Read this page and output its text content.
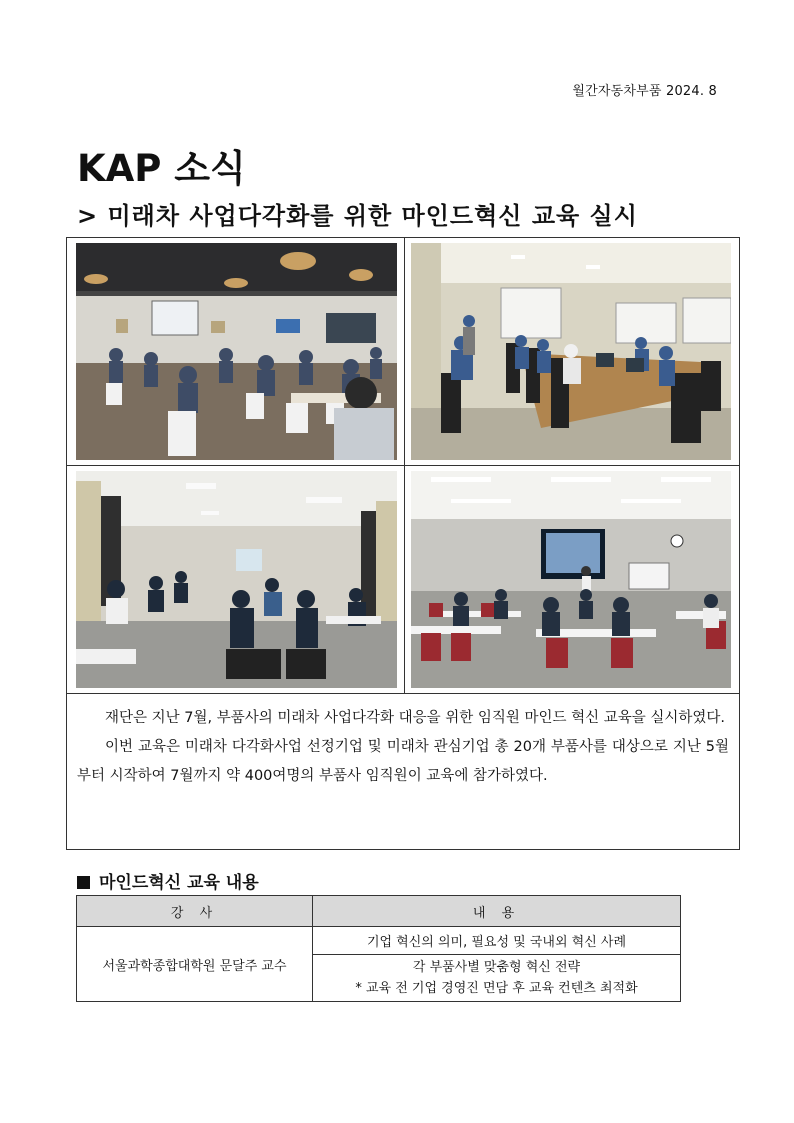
월간자동차부품 2024. 8
KAP 소식
> 미래차 사업다각화를 위한 마인드혁신 교육 실시

재단은 지난 7월, 부품사의 미래차 사업다각화 대응을 위한 임직원 마인드 혁신 교육을 실시하였다.

이번 교육은 미래차 다각화사업 선정기업 및 미래차 관심기업 총 20개 부품사를 대상으로 지난 5월부터 시작하여 7월까지 약 400여명의 부품사 임직원이 교육에 참가하였다.

마인드혁신 교육 내용
강 사	내 용
서울과학종합대학원 문달주 교수	기업 혁신의 의미, 필요성 및 국내외 혁신 사례

	각 부품사별 맞춤형 혁신 전략
* 교육 전 기업 경영진 면담 후 교육 컨텐츠 최적화
